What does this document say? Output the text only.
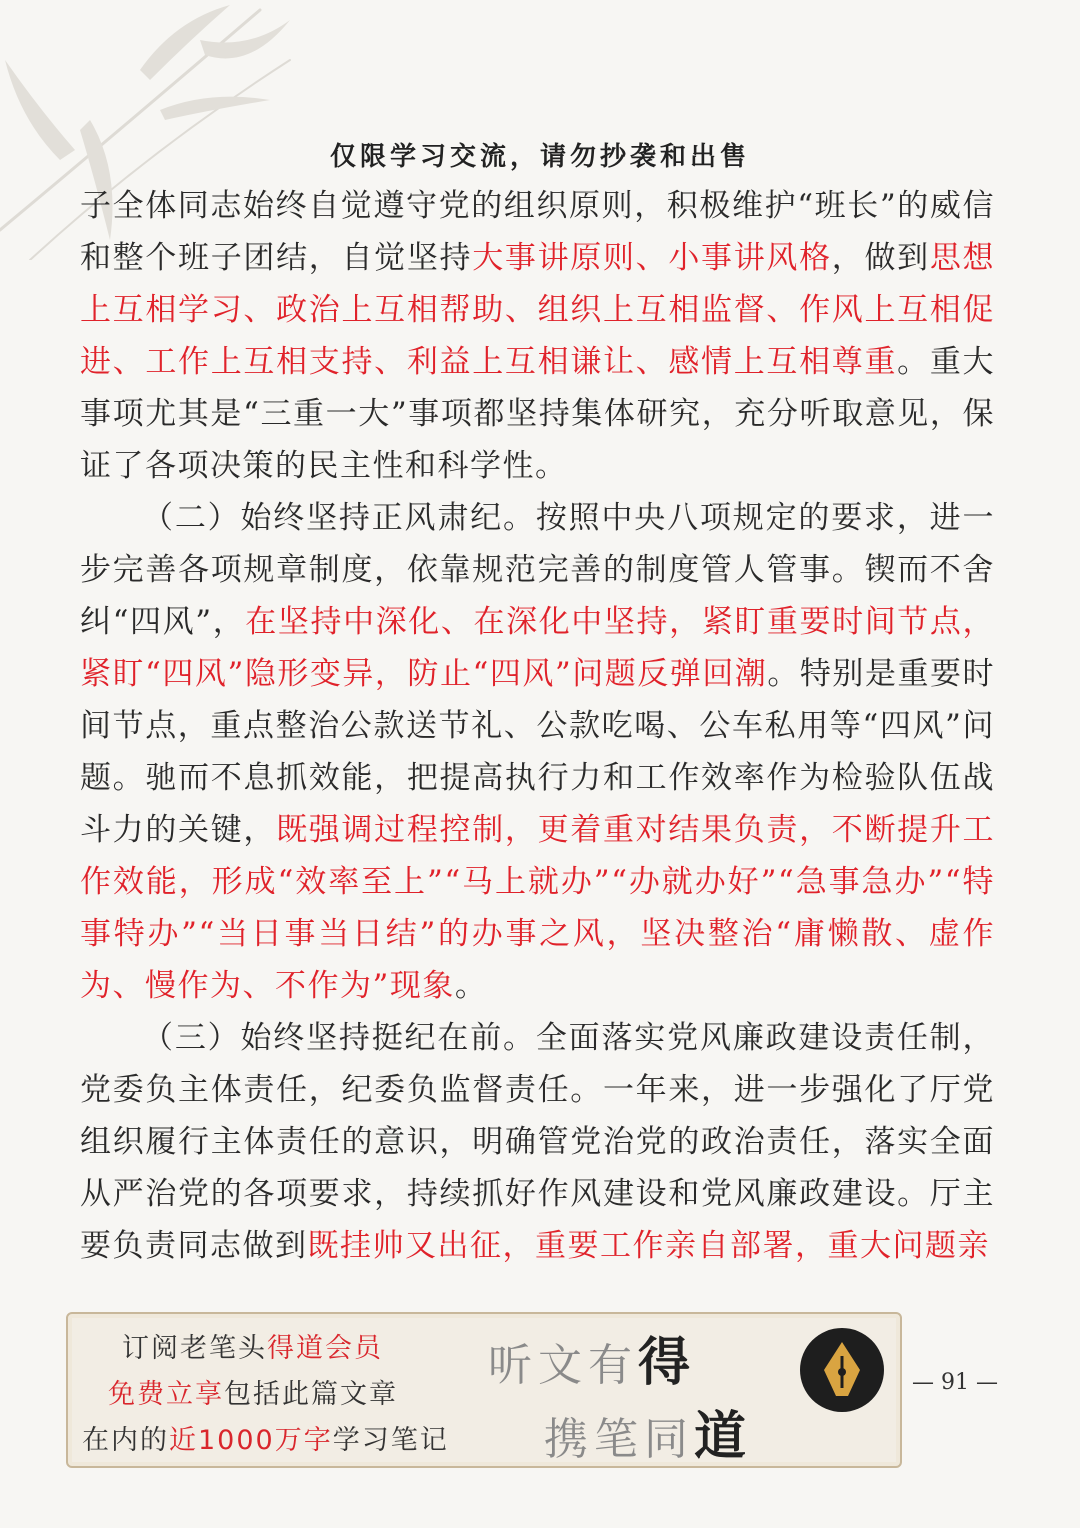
仅限学习交流，请勿抄袭和出售

子全体同志始终自觉遵守党的组织原则，积极维护“班长”的威信和整个班子团结，自觉坚持大事讲原则、小事讲风格，做到思想上互相学习、政治上互相帮助、组织上互相监督、作风上互相促进、工作上互相支持、利益上互相谦让、感情上互相尊重。重大事项尤其是“三重一大”事项都坚持集体研究，充分听取意见，保证了各项决策的民主性和科学性。

（二）始终坚持正风肃纪。按照中央八项规定的要求，进一步完善各项规章制度，依靠规范完善的制度管人管事。锲而不舍纠“四风”，在坚持中深化、在深化中坚持，紧盯重要时间节点，紧盯“四风”隐形变异，防止“四风”问题反弹回潮。特别是重要时间节点，重点整治公款送节礼、公款吃喝、公车私用等“四风”问题。驰而不息抓效能，把提高执行力和工作效率作为检验队伍战斗力的关键，既强调过程控制，更着重对结果负责，不断提升工作效能，形成“效率至上”“马上就办”“办就办好”“急事急办”“特事特办”“当日事当日结”的办事之风，坚决整治“庸懒散、虚作为、慢作为、不作为”现象。

（三）始终坚持挺纪在前。全面落实党风廉政建设责任制，党委负主体责任，纪委负监督责任。一年来，进一步强化了厅党组织履行主体责任的意识，明确管党治党的政治责任，落实全面从严治党的各项要求，持续抓好作风建设和党风廉政建设。厅主要负责同志做到既挂帅又出征，重要工作亲自部署，重大问题亲

订阅老笔头得道会员
免费立享包括此篇文章
在内的近1000万字学习笔记
听文有得
携笔同道
— 91 —
